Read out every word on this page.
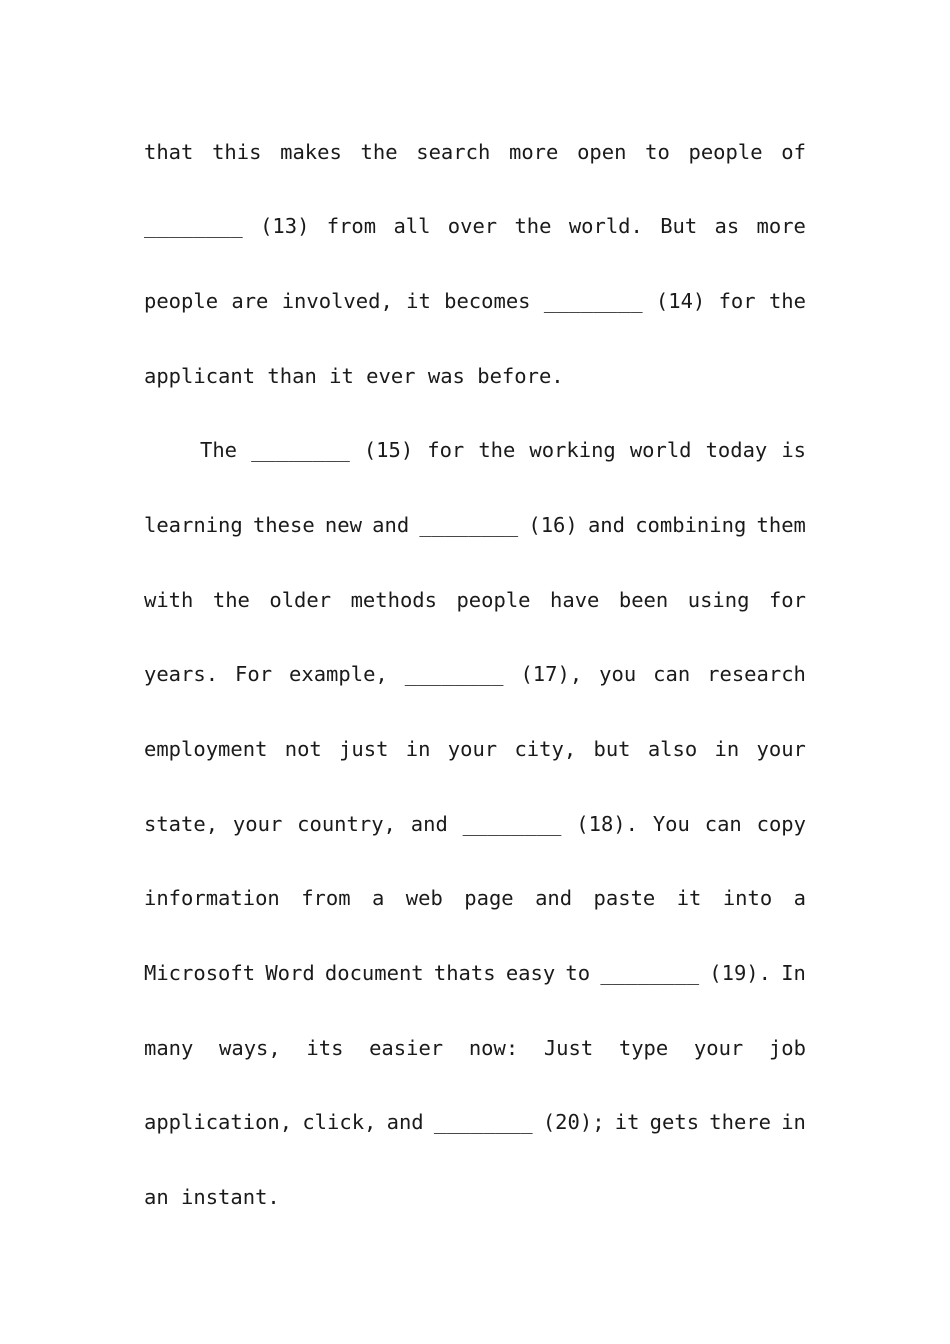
that this makes the search more open to people of
________ (13) from all over the world. But as more
people are involved, it becomes ________ (14) for the
applicant than it ever was before.
The ________ (15) for the working world today is
learning these new and ________ (16) and combining them
with the older methods people have been using for
years. For example, ________ (17), you can research
employment not just in your city, but also in your
state, your country, and ________ (18). You can copy
information from a web page and paste it into a
Microsoft Word document thats easy to ________ (19). In
many ways, its easier now: Just type your job
application, click, and ________ (20); it gets there in
an instant.
